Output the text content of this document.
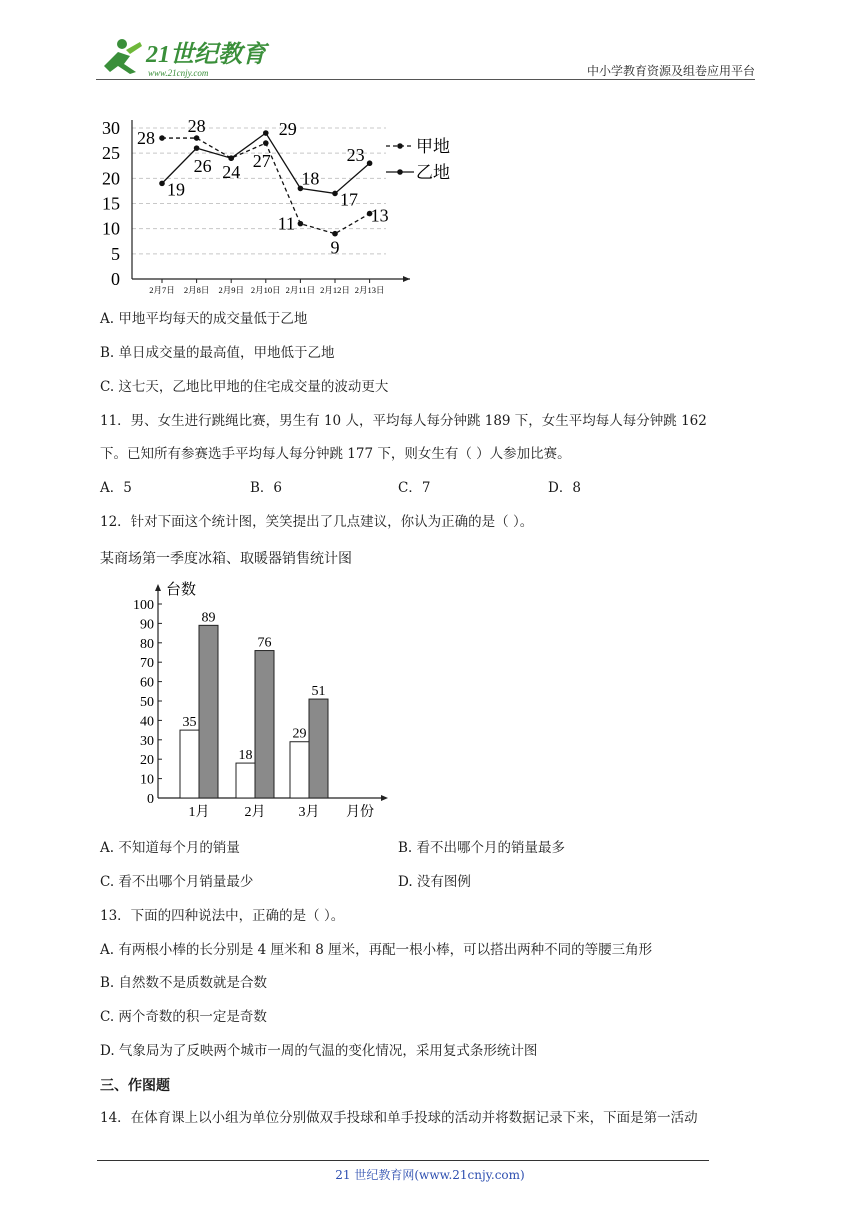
21世纪教育
www.21cnjy.com	中小学教育资源及组卷应用平台
0
5
10
15
20
25
30
2月7日 2月8日 2月9日 2月10日 2月11日 2月12日 2月13日
28
28
27
11
9
13
19
26 24
29
18
17
23	甲地
乙地
A. 甲地平均每天的成交量低于乙地
B. 单日成交量的最高值，甲地低于乙地
C. 这七天，乙地比甲地的住宅成交量的波动更大
11．男、女生进行跳绳比赛，男生有 10 人，平均每人每分钟跳 189 下，女生平均每人每分钟跳 162
下。已知所有参赛选手平均每人每分钟跳 177 下，则女生有（ ）人参加比赛。
A．5	B．6	C．7	D．8
12．针对下面这个统计图，笑笑提出了几点建议，你认为正确的是（ ）。
某商场第一季度冰箱、取暖器销售统计图
台数
月份
0
10
20
30
40
50
60
70
80
90
100
35
89
1月
18
76
2月
29
51
3月
A. 不知道每个月的销量	B. 看不出哪个月的销量最多
C. 看不出哪个月销量最少	D. 没有图例
13．下面的四种说法中，正确的是（ ）。
A. 有两根小棒的长分别是 4 厘米和 8 厘米，再配一根小棒，可以搭出两种不同的等腰三角形
B. 自然数不是质数就是合数
C. 两个奇数的积一定是奇数
D. 气象局为了反映两个城市一周的气温的变化情况，采用复式条形统计图
三、作图题
14．在体育课上以小组为单位分别做双手投球和单手投球的活动并将数据记录下来，下面是第一活动
21 世纪教育网(www.21cnjy.com)
